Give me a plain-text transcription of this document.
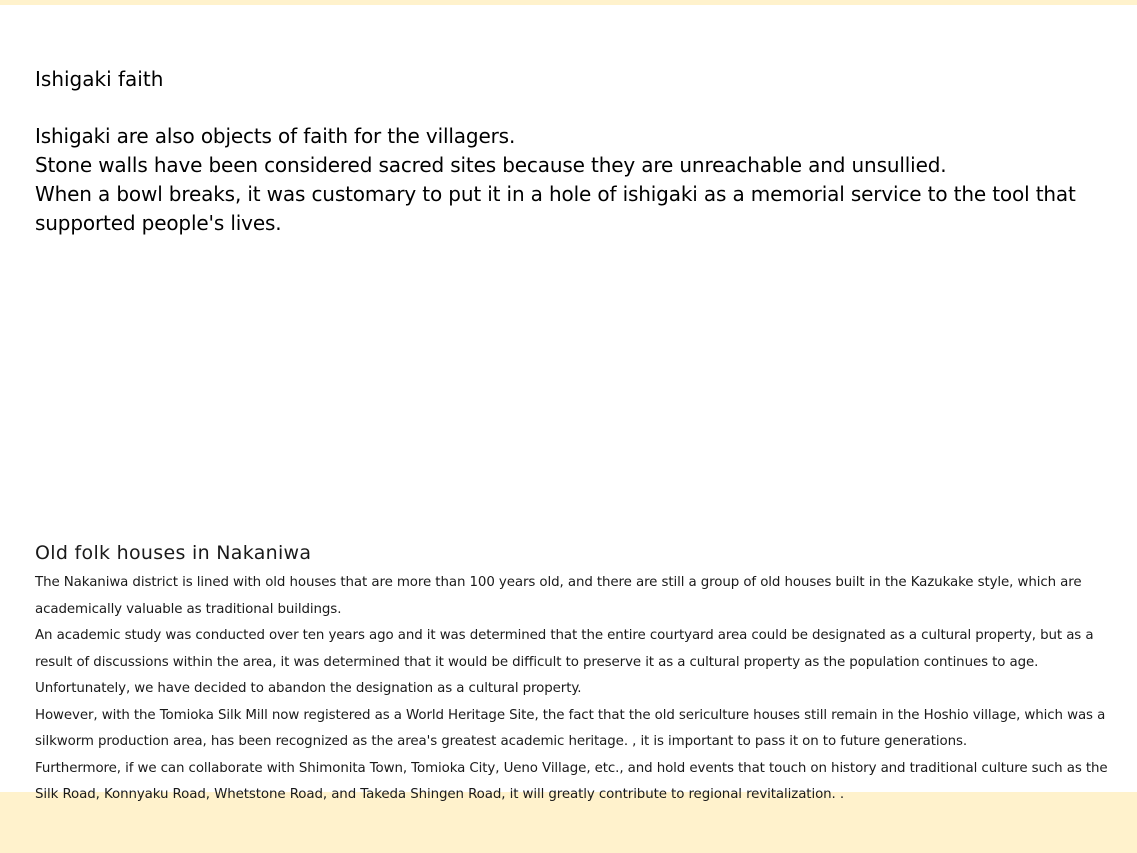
Ishigaki faith

Ishigaki are also objects of faith for the villagers.

Stone walls have been considered sacred sites because they are unreachable and unsullied.

When a bowl breaks, it was customary to put it in a hole of ishigaki as a memorial service to the tool that supported people's lives.

Old folk houses in Nakaniwa

The Nakaniwa district is lined with old houses that are more than 100 years old, and there are still a group of old houses built in the Kazukake style, which are academically valuable as traditional buildings.

An academic study was conducted over ten years ago and it was determined that the entire courtyard area could be designated as a cultural property, but as a result of discussions within the area, it was determined that it would be difficult to preserve it as a cultural property as the population continues to age. Unfortunately, we have decided to abandon the designation as a cultural property.

However, with the Tomioka Silk Mill now registered as a World Heritage Site, the fact that the old sericulture houses still remain in the Hoshio village, which was a silkworm production area, has been recognized as the area's greatest academic heritage. , it is important to pass it on to future generations.

Furthermore, if we can collaborate with Shimonita Town, Tomioka City, Ueno Village, etc., and hold events that touch on history and traditional culture such as the Silk Road, Konnyaku Road, Whetstone Road, and Takeda Shingen Road, it will greatly contribute to regional revitalization. .
